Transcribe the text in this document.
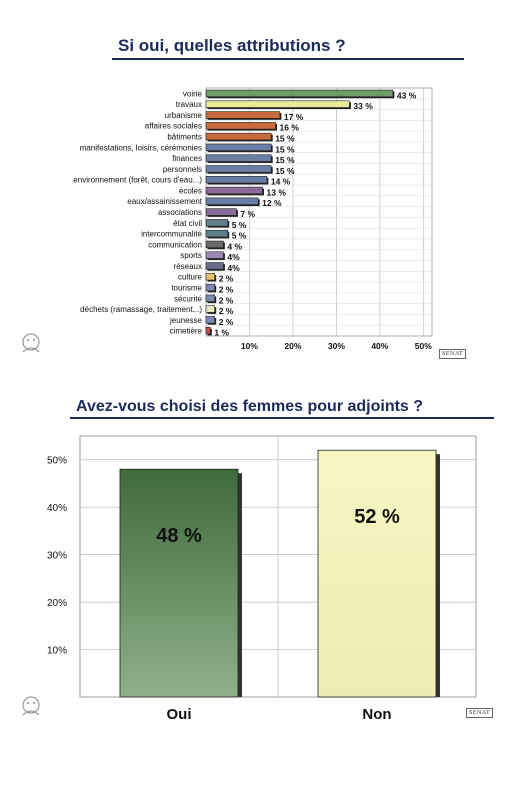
Si oui, quelles attributions ?
Avez-vous choisi des femmes pour adjoints ?
10%	20%	30%	40%	50%
voirie	43 %
travaux	33 %
urbanisme	17 %
affaires sociales	16 %
bâtiments	15 %
manifestations, loisirs, cérémonies	15 %
finances	15 %
personnels	15 %
environnement (forêt, cours d'eau...)	14 %
écoles	13 %
eaux/assainissement	12 %
associations	7 %
état civil	5 %
intercommunalité	5 %
communication	4 %
sports	4%
réseaux	4%
culture 2 %
tourisme 2 %
sécurité 2 %
déchets (ramassage, traitement...) 2 %
jeunesse 2 %
cimetière 1 %
10%
20%
30%
40%
50%
48 %
Oui
52 %
Non
SENAT
SENAT
